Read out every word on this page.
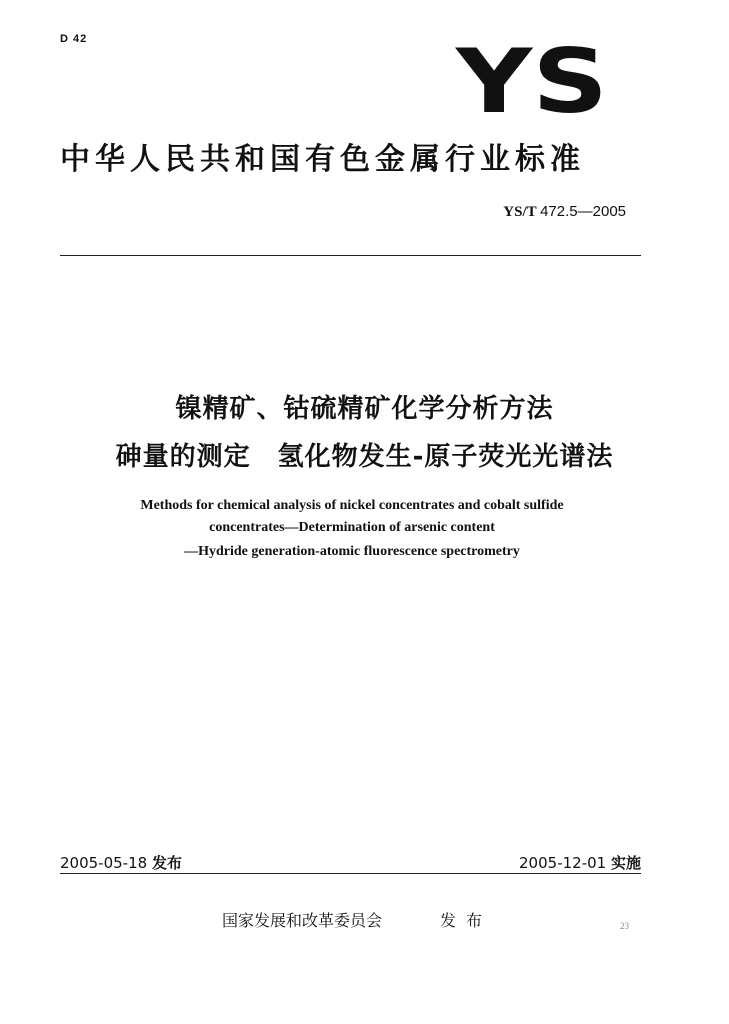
D 42	YS
中华人民共和国有色金属行业标准
YS/T 472.5—2005
镍精矿、钴硫精矿化学分析方法
砷量的测定　氢化物发生-原子荧光光谱法
Methods for chemical analysis of nickel concentrates and cobalt sulfide
concentrates—Determination of arsenic content
—Hydride generation-atomic fluorescence spectrometry
2005-05-18 发布	2005-12-01 实施
国家发展和改革委员会	发布	23
